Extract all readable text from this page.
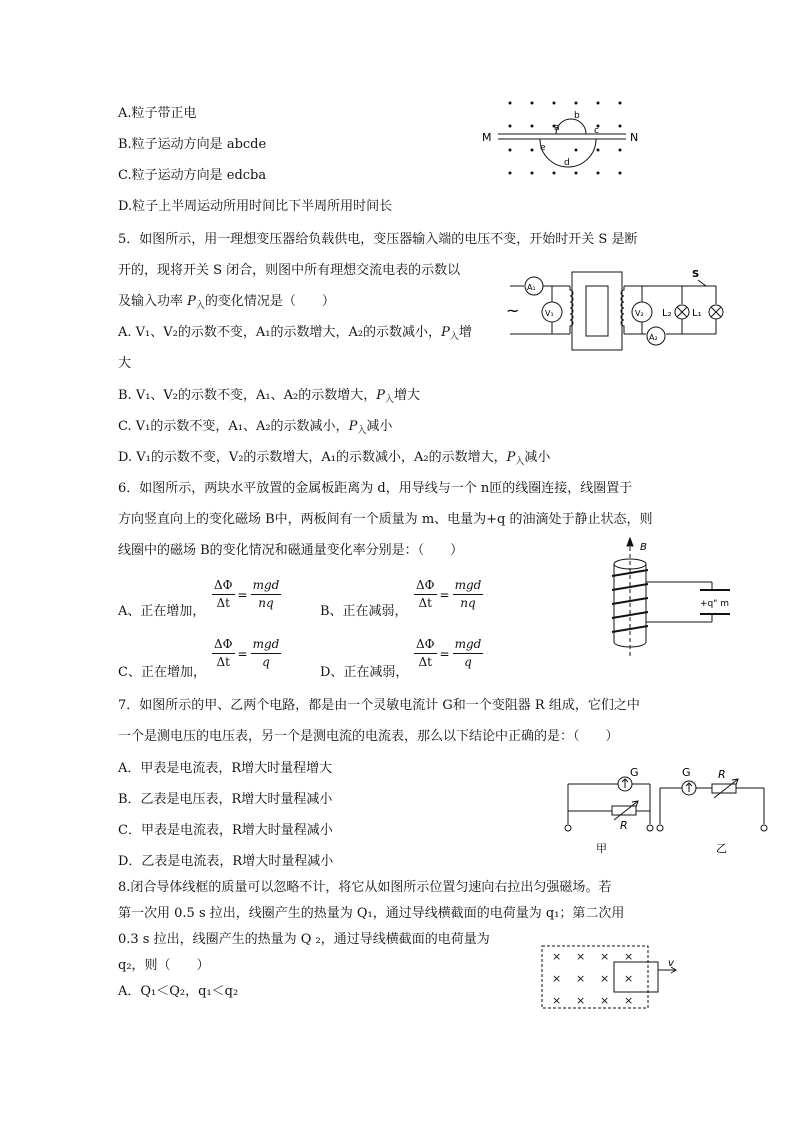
A.粒子带正电
B.粒子运动方向是 abcde
C.粒子运动方向是 edcba
D.粒子上半周运动所用时间比下半周所用时间长
M	N
a
b
c
d
e
5．如图所示，用一理想变压器给负载供电，变压器输入端的电压不变，开始时开关 S 是断
开的，现将开关 S 闭合，则图中所有理想交流电表的示数以
及输入功率 $P_入$的变化情况是（　　）
A. V₁、V₂的示数不变，A₁的示数增大，A₂的示数减小，$P_入$增
大
B. V₁、V₂的示数不变，A₁、A₂的示数增大，$P_入$增大
C. V₁的示数不变，A₁、A₂的示数减小，$P_入$减小
D. V₁的示数不变，V₂的示数增大，A₁的示数减小，A₂的示数增大，$P_入$减小
A₁
V₁	V₂
A₂
L₂ L₁
S
~
6．如图所示，两块水平放置的金属板距离为 d，用导线与一个 n匝的线圈连接，线圈置于
方向竖直向上的变化磁场 B中，两板间有一个质量为 m、电量为+q 的油滴处于静止状态，则
线圈中的磁场 B的变化情况和磁通量变化率分别是：（　　）
A、正在增加， $\frac{\Delta\Phi}{\Delta t}$ =
mgd
nq
B、正在减弱， $\frac{\Delta\Phi}{\Delta t}$ =
mgd
nq
C、正在增加，
$\frac{\Delta\Phi}{\Delta t}$ =
mgd
q
D、正在减弱，
$\frac{\Delta\Phi}{\Delta t}$ =
mgd
q
B
+q" m
7．如图所示的甲、乙两个电路，都是由一个灵敏电流计 G和一个变阻器 R 组成，它们之中
一个是测电压的电压表，另一个是测电流的电流表，那么以下结论中正确的是：（　　）
A．甲表是电流表，R增大时量程增大
B．乙表是电压表，R增大时量程减小
C．甲表是电流表，R增大时量程减小
D．乙表是电流表，R增大时量程减小
G
R
G R
甲	乙
8.闭合导体线框的质量可以忽略不计，将它从如图所示位置匀速向右拉出匀强磁场。若
第一次用 0.5 s 拉出，线圈产生的热量为 Q₁，通过导线横截面的电荷量为 q₁；第二次用
0.3 s 拉出，线圈产生的热量为 Q ₂，通过导线横截面的电荷量为
q₂，则（　　）
A．Q₁＜Q₂，q₁＜q₂
× × × ×
× × × ×
× × × ×
v
